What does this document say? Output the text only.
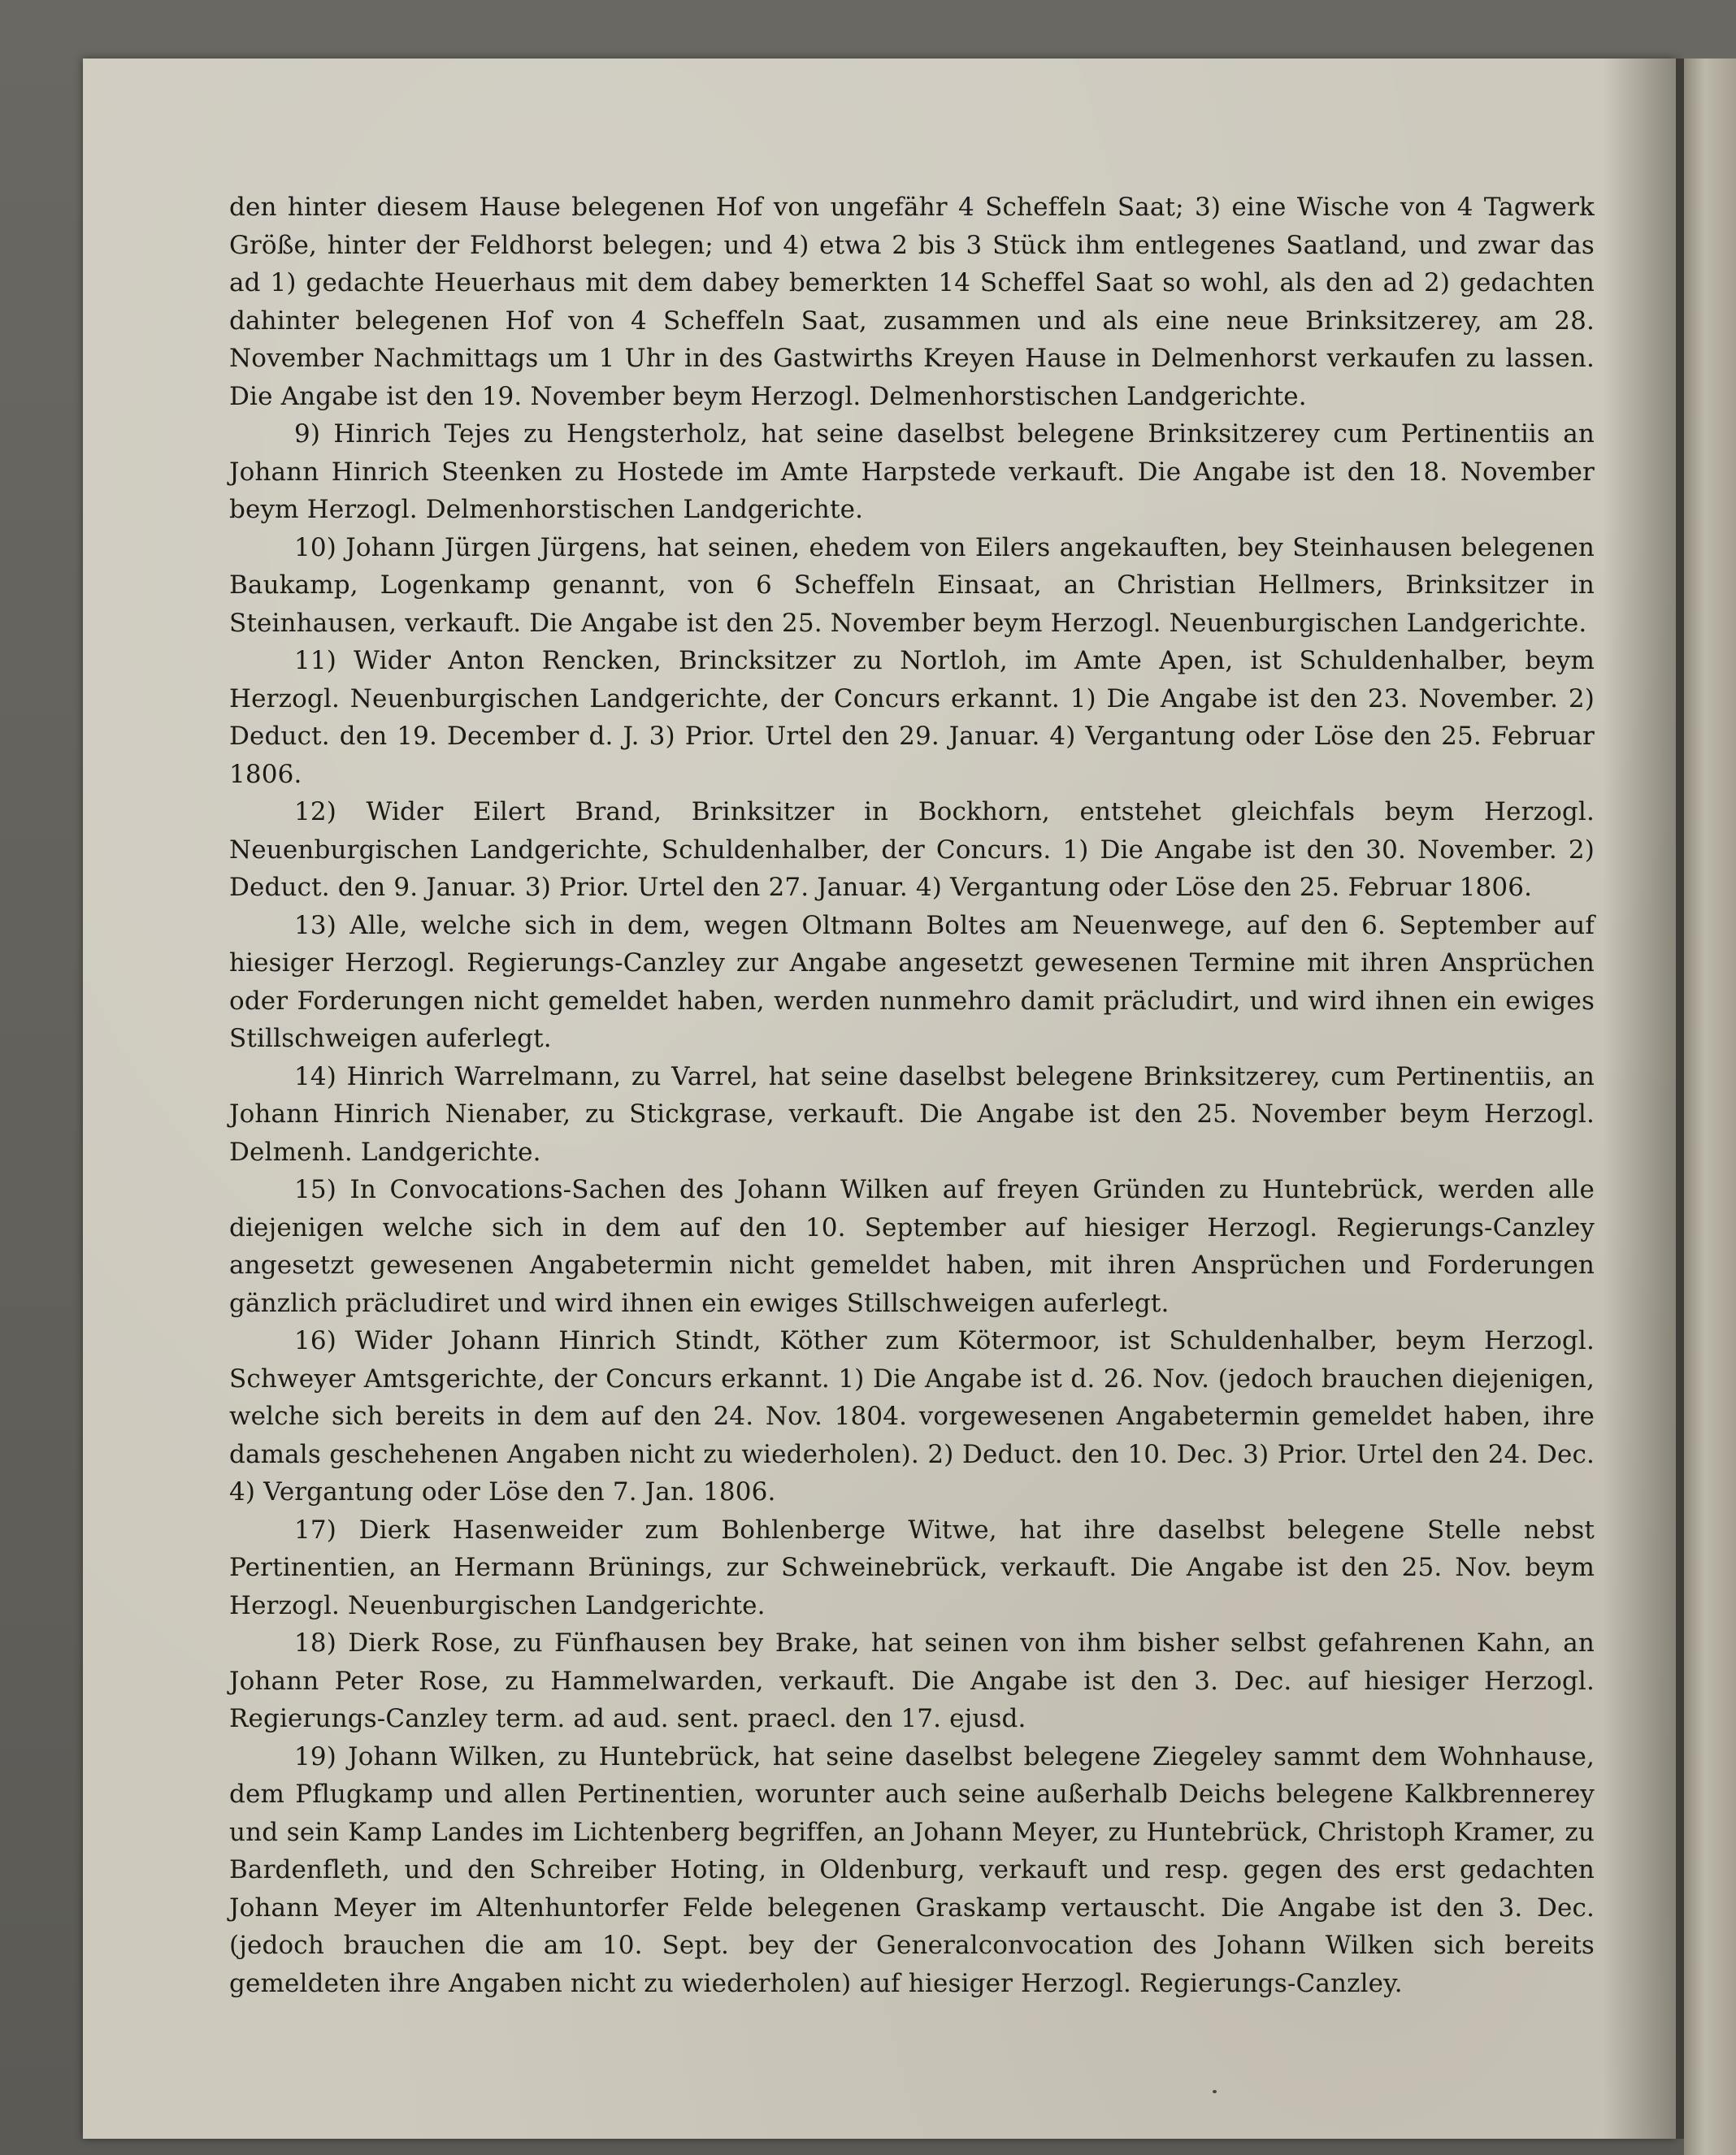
den hinter diesem Hause belegenen Hof von ungefähr 4 Scheffeln Saat; 3) eine Wische von 4 Tagwerk Größe, hinter der Feldhorst belegen; und 4) etwa 2 bis 3 Stück ihm entlegenes Saatland, und zwar das ad 1) gedachte Heuerhaus mit dem dabey bemerkten 14 Scheffel Saat so wohl, als den ad 2) gedachten dahinter belegenen Hof von 4 Scheffeln Saat, zusammen und als eine neue Brinksitzerey, am 28. November Nachmittags um 1 Uhr in des Gastwirths Kreyen Hause in Delmenhorst verkaufen zu lassen. Die Angabe ist den 19. November beym Herzogl. Delmenhorstischen Landgerichte.

9) Hinrich Tejes zu Hengsterholz, hat seine daselbst belegene Brinksitzerey cum Pertinentiis an Johann Hinrich Steenken zu Hostede im Amte Harpstede verkauft. Die Angabe ist den 18. November beym Herzogl. Delmenhorstischen Landgerichte.

10) Johann Jürgen Jürgens, hat seinen, ehedem von Eilers angekauften, bey Steinhausen belegenen Baukamp, Logenkamp genannt, von 6 Scheffeln Einsaat, an Christian Hellmers, Brinksitzer in Steinhausen, verkauft. Die Angabe ist den 25. November beym Herzogl. Neuenburgischen Landgerichte.

11) Wider Anton Rencken, Brincksitzer zu Nortloh, im Amte Apen, ist Schuldenhalber, beym Herzogl. Neuenburgischen Landgerichte, der Concurs erkannt. 1) Die Angabe ist den 23. November. 2) Deduct. den 19. December d. J. 3) Prior. Urtel den 29. Januar. 4) Vergantung oder Löse den 25. Februar 1806.

12) Wider Eilert Brand, Brinksitzer in Bockhorn, entstehet gleichfals beym Herzogl. Neuenburgischen Landgerichte, Schuldenhalber, der Concurs. 1) Die Angabe ist den 30. November. 2) Deduct. den 9. Januar. 3) Prior. Urtel den 27. Januar. 4) Vergantung oder Löse den 25. Februar 1806.

13) Alle, welche sich in dem, wegen Oltmann Boltes am Neuenwege, auf den 6. September auf hiesiger Herzogl. Regierungs-Canzley zur Angabe angesetzt gewesenen Termine mit ihren Ansprüchen oder Forderungen nicht gemeldet haben, werden nunmehro damit präcludirt, und wird ihnen ein ewiges Stillschweigen auferlegt.

14) Hinrich Warrelmann, zu Varrel, hat seine daselbst belegene Brinksitzerey, cum Pertinentiis, an Johann Hinrich Nienaber, zu Stickgrase, verkauft. Die Angabe ist den 25. November beym Herzogl. Delmenh. Landgerichte.

15) In Convocations-Sachen des Johann Wilken auf freyen Gründen zu Huntebrück, werden alle diejenigen welche sich in dem auf den 10. September auf hiesiger Herzogl. Regierungs-Canzley angesetzt gewesenen Angabetermin nicht gemeldet haben, mit ihren Ansprüchen und Forderungen gänzlich präcludiret und wird ihnen ein ewiges Stillschweigen auferlegt.

16) Wider Johann Hinrich Stindt, Köther zum Kötermoor, ist Schuldenhalber, beym Herzogl. Schweyer Amtsgerichte, der Concurs erkannt. 1) Die Angabe ist d. 26. Nov. (jedoch brauchen diejenigen, welche sich bereits in dem auf den 24. Nov. 1804. vorgewesenen Angabetermin gemeldet haben, ihre damals geschehenen Angaben nicht zu wiederholen). 2) Deduct. den 10. Dec. 3) Prior. Urtel den 24. Dec. 4) Vergantung oder Löse den 7. Jan. 1806.

17) Dierk Hasenweider zum Bohlenberge Witwe, hat ihre daselbst belegene Stelle nebst Pertinentien, an Hermann Brünings, zur Schweinebrück, verkauft. Die Angabe ist den 25. Nov. beym Herzogl. Neuenburgischen Landgerichte.

18) Dierk Rose, zu Fünfhausen bey Brake, hat seinen von ihm bisher selbst gefahrenen Kahn, an Johann Peter Rose, zu Hammelwarden, verkauft. Die Angabe ist den 3. Dec. auf hiesiger Herzogl. Regierungs-Canzley term. ad aud. sent. praecl. den 17. ejusd.

19) Johann Wilken, zu Huntebrück, hat seine daselbst belegene Ziegeley sammt dem Wohnhause, dem Pflugkamp und allen Pertinentien, worunter auch seine außerhalb Deichs belegene Kalkbrennerey und sein Kamp Landes im Lichtenberg begriffen, an Johann Meyer, zu Huntebrück, Christoph Kramer, zu Bardenfleth, und den Schreiber Hoting, in Oldenburg, verkauft und resp. gegen des erst gedachten Johann Meyer im Altenhuntorfer Felde belegenen Graskamp vertauscht. Die Angabe ist den 3. Dec. (jedoch brauchen die am 10. Sept. bey der Generalconvocation des Johann Wilken sich bereits gemeldeten ihre Angaben nicht zu wiederholen) auf hiesiger Herzogl. Regierungs-Canzley.
